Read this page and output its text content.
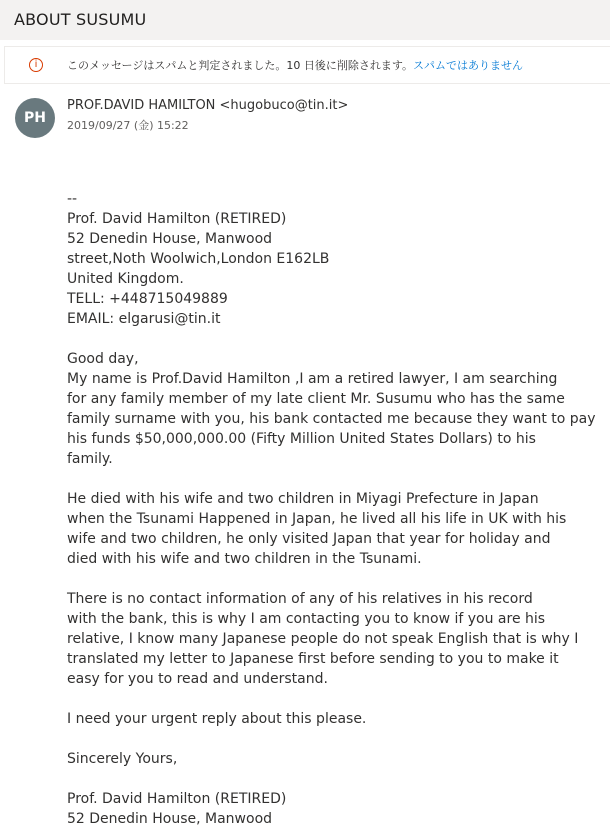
ABOUT SUSUMU
i	このメッセージはスパムと判定されました。10 日後に削除されます。スパムではありません
PH
PROF.DAVID HAMILTON <hugobuco@tin.it>
2019/09/27 (金) 15:22
--
Prof. David Hamilton (RETIRED)
52 Denedin House, Manwood
street,Noth Woolwich,London E162LB
United Kingdom.
TELL: +448715049889
EMAIL: elgarusi@tin.it
Good day,
My name is Prof.David Hamilton ,I am a retired lawyer, I am searching
for any family member of my late client Mr. Susumu who has the same
family surname with you, his bank contacted me because they want to pay
his funds $50,000,000.00 (Fifty Million United States Dollars) to his
family.
He died with his wife and two children in Miyagi Prefecture in Japan
when the Tsunami Happened in Japan, he lived all his life in UK with his
wife and two children, he only visited Japan that year for holiday and
died with his wife and two children in the Tsunami.
There is no contact information of any of his relatives in his record
with the bank, this is why I am contacting you to know if you are his
relative, I know many Japanese people do not speak English that is why I
translated my letter to Japanese first before sending to you to make it
easy for you to read and understand.
I need your urgent reply about this please.
Sincerely Yours,
Prof. David Hamilton (RETIRED)
52 Denedin House, Manwood
